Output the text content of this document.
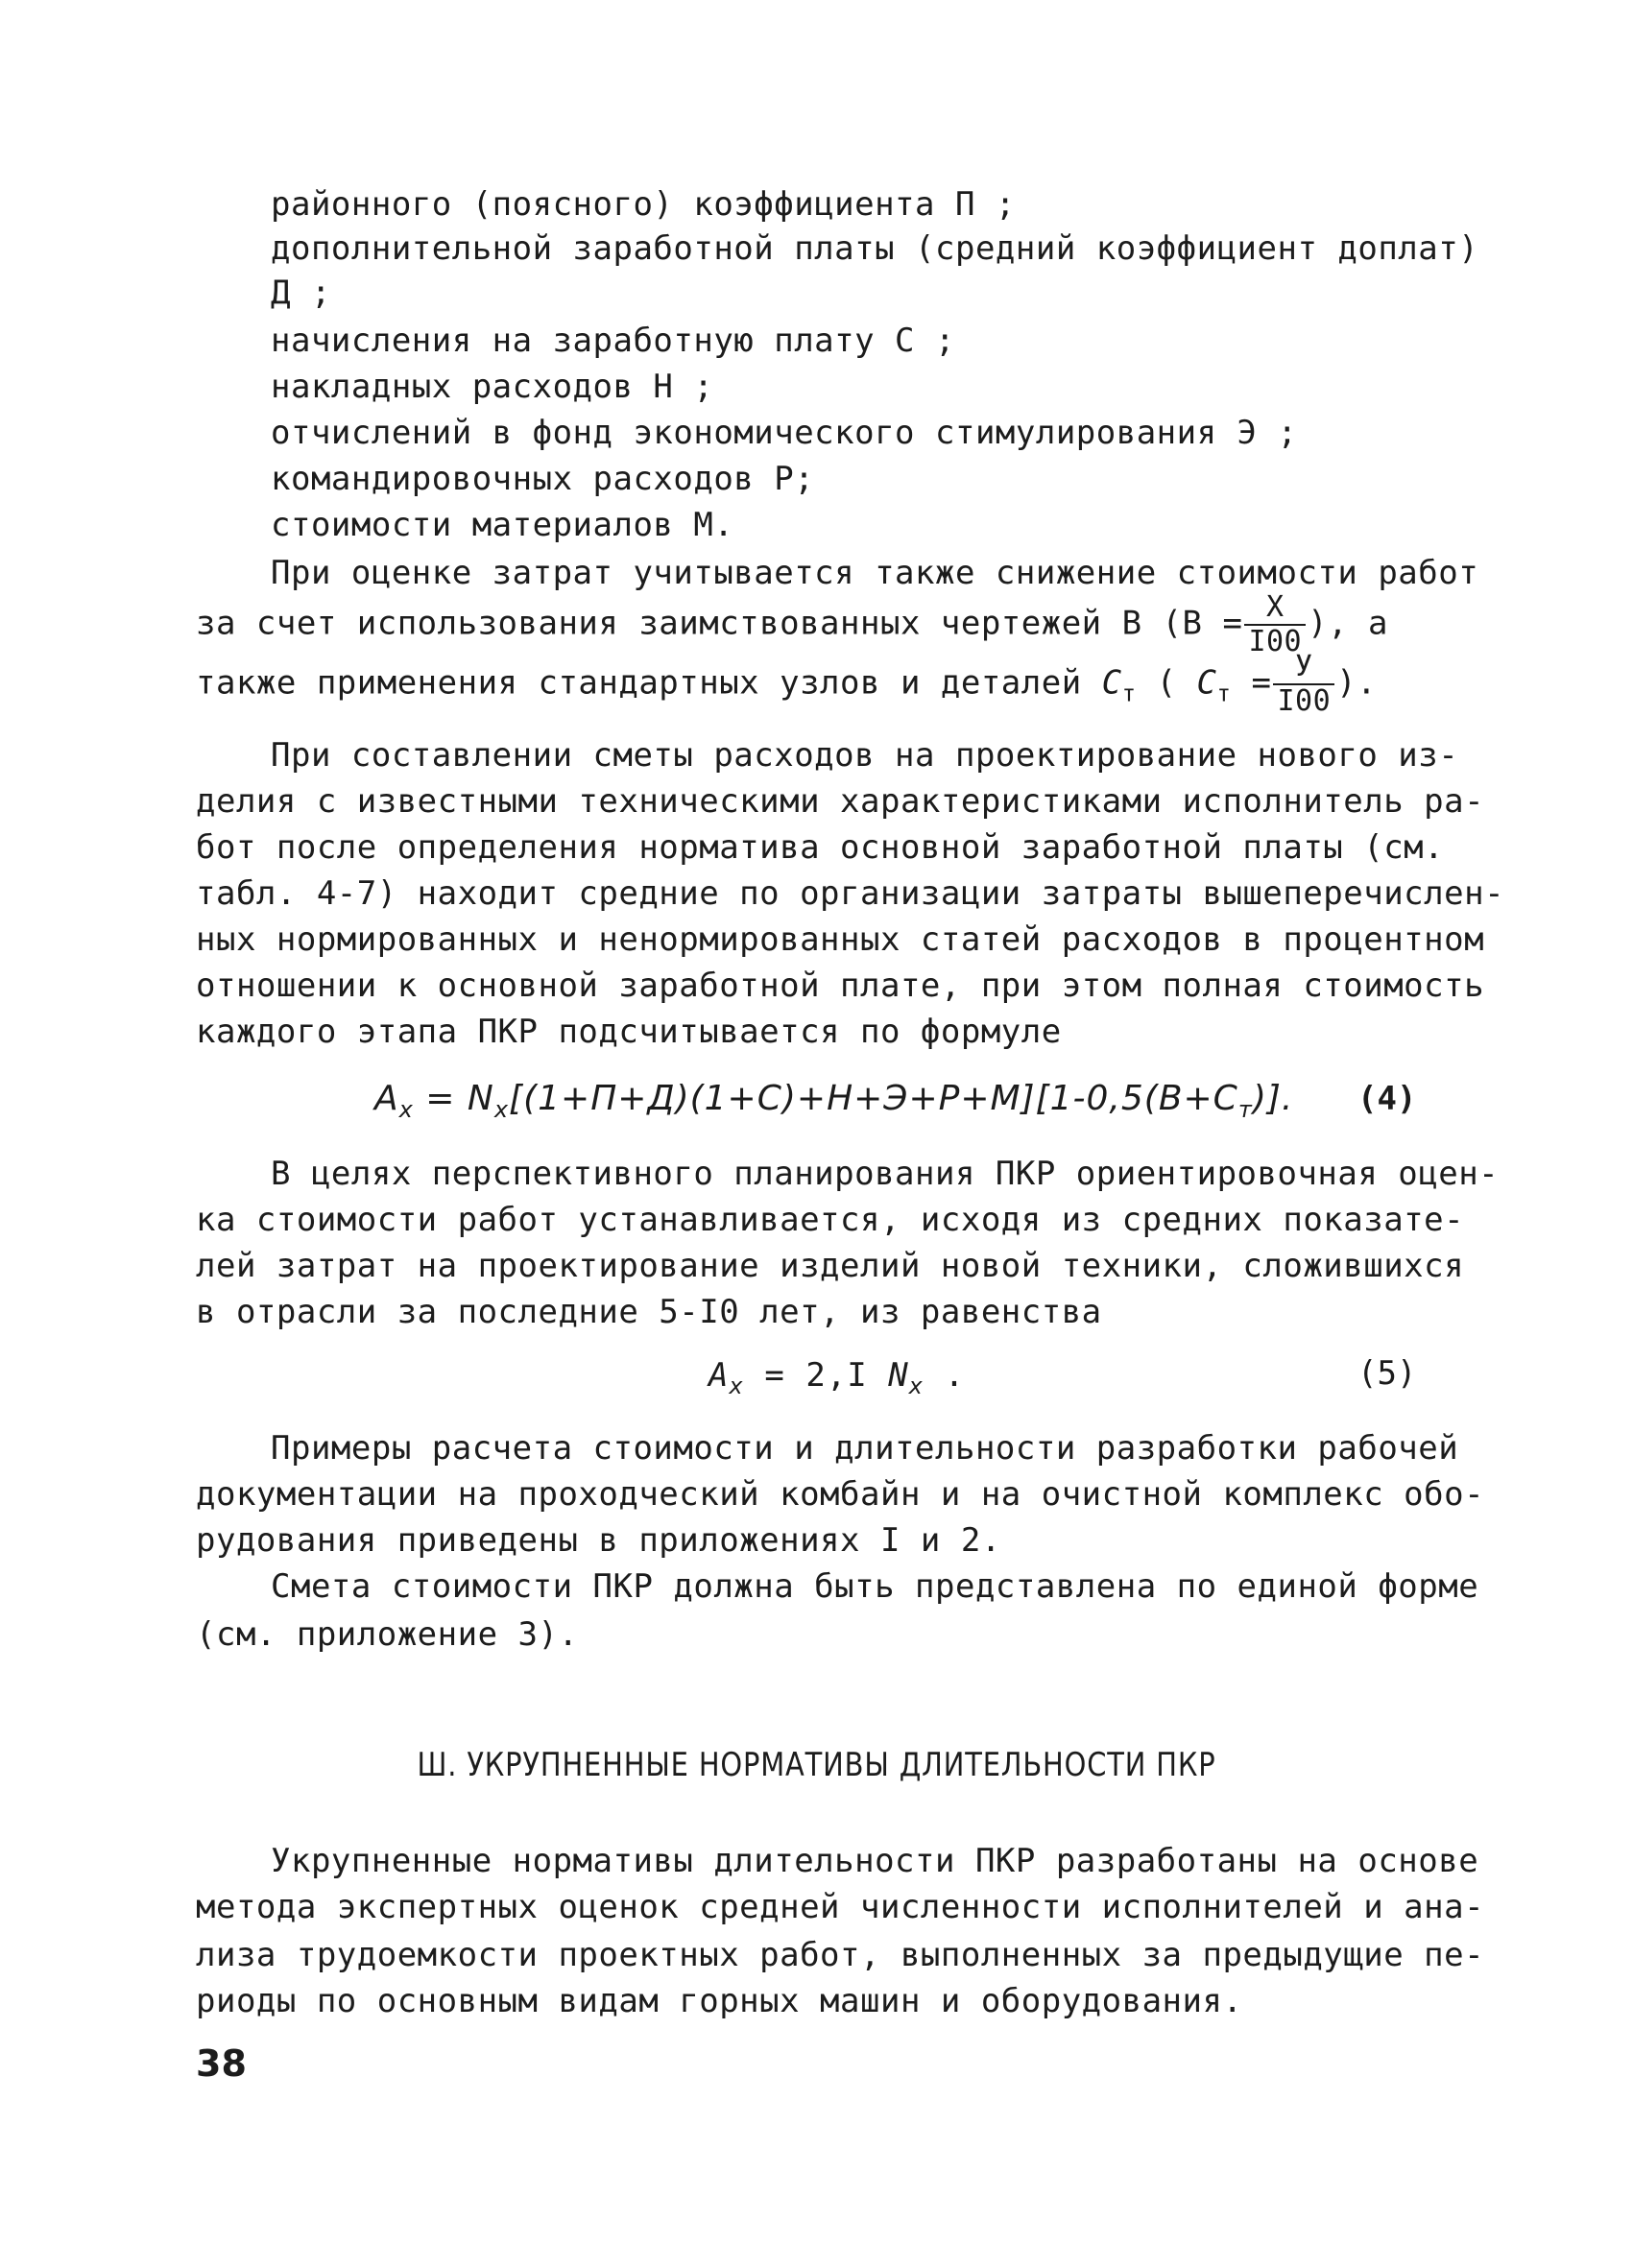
районного (поясного) коэффициента П ;
дополнительной заработной платы (средний коэффициент доплат)
Д ;
начисления на заработную плату С ;
накладных расходов Н ;
отчислений в фонд экономического стимулирования Э ;
командировочных расходов Р;
стоимости материалов М.
При оценке затрат учитывается также снижение стоимости работ
за счет использования заимствованных чертежей В ($В = \frac{X}{I00}$ ), а
также применения стандартных узлов и деталей $C_т$ ( $C_т = \frac{У}{I00}$ ).
При составлении сметы расходов на проектирование нового из-
делия с известными техническими характеристиками исполнитель ра-
бот после определения норматива основной заработной платы (см.
табл. 4-7) находит средние по организации затраты вышеперечислен-
ных нормированных и ненормированных статей расходов в процентном
отношении к основной заработной плате, при этом полная стоимость
каждого этапа ПКР подсчитывается по формуле
$A_x = N_x[(1+П+Д)(1+С)+Н+Э+Р+М][1-0,5(В+С_т)]$. (4)
В целях перспективного планирования ПКР ориентировочная оцен-
ка стоимости работ устанавливается, исходя из средних показате-
лей затрат на проектирование изделий новой техники, сложившихся
в отрасли за последние 5-I0 лет, из равенства
$A_x = 2,I$ $N_x$ .	(5)
Примеры расчета стоимости и длительности разработки рабочей
документации на проходческий комбайн и на очистной комплекс обо-
рудования приведены в приложениях I и 2.
Смета стоимости ПКР должна быть представлена по единой форме
(см. приложение 3).
Ш. УКРУПНЕННЫЕ НОРМАТИВЫ ДЛИТЕЛЬНОСТИ ПКР
Укрупненные нормативы длительности ПКР разработаны на основе
метода экспертных оценок средней численности исполнителей и ана-
лиза трудоемкости проектных работ, выполненных за предыдущие пе-
риоды по основным видам горных машин и оборудования.
38
